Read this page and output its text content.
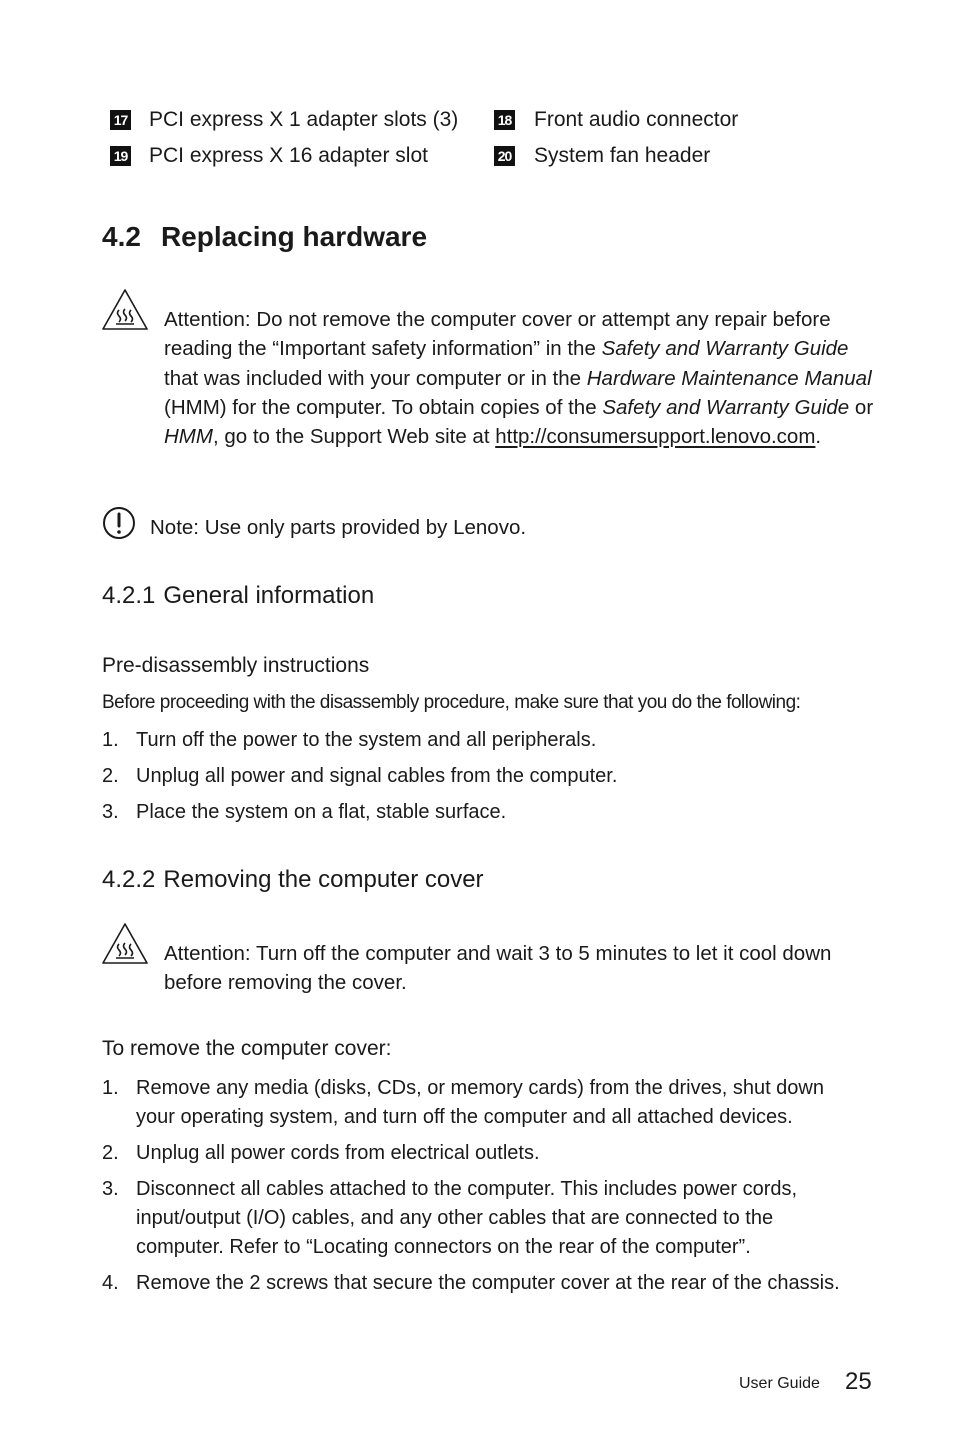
17 PCI express X 1 adapter slots (3)	18 Front audio connector
19 PCI express X 16 adapter slot	20 System fan header
4.2 Replacing hardware
Attention: Do not remove the computer cover or attempt any repair before reading the “Important safety information” in the Safety and Warranty Guide that was included with your computer or in the Hardware Maintenance Manual (HMM) for the computer. To obtain copies of the Safety and Warranty Guide or HMM, go to the Support Web site at http://consumersupport.lenovo.com.
Note: Use only parts provided by Lenovo.
4.2.1 General information
Pre-disassembly instructions
Before proceeding with the disassembly procedure, make sure that you do the following:
1. Turn off the power to the system and all peripherals.
2. Unplug all power and signal cables from the computer.
3. Place the system on a flat, stable surface.
4.2.2 Removing the computer cover
Attention: Turn off the computer and wait 3 to 5 minutes to let it cool down before removing the cover.
To remove the computer cover:
1. Remove any media (disks, CDs, or memory cards) from the drives, shut down your operating system, and turn off the computer and all attached devices.
2. Unplug all power cords from electrical outlets.
3. Disconnect all cables attached to the computer. This includes power cords, input/output (I/O) cables, and any other cables that are connected to the computer. Refer to “Locating connectors on the rear of the computer”.
4. Remove the 2 screws that secure the computer cover at the rear of the chassis.
User Guide 25
